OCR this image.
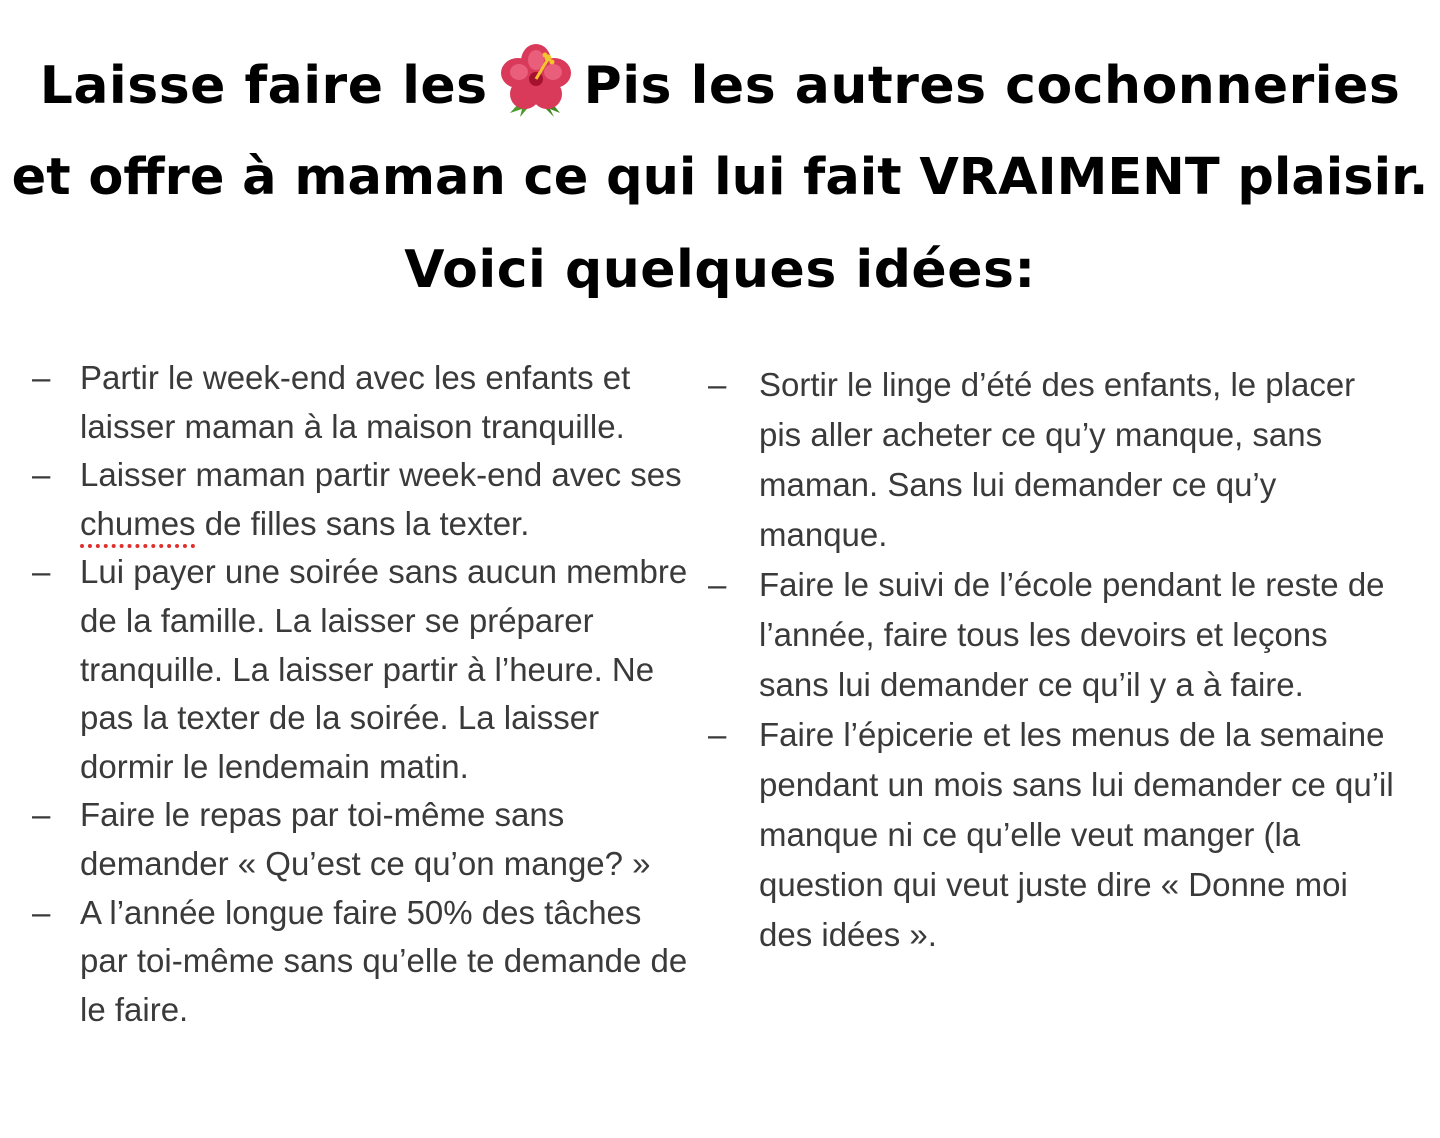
Laisse faire les Pis les autres cochonneries
et offre à maman ce qui lui fait VRAIMENT plaisir.
Voici quelques idées:
– Partir le week-end avec les enfants et laisser maman à la maison tranquille.
– Laisser maman partir week-end avec ses chumes de filles sans la texter.
– Lui payer une soirée sans aucun membre de la famille. La laisser se préparer tranquille. La laisser partir à l’heure. Ne pas la texter de la soirée. La laisser dormir le lendemain matin.
– Faire le repas par toi-même sans demander « Qu’est ce qu’on mange? »
– A l’année longue faire 50% des tâches par toi-même sans qu’elle te demande de le faire.
– Sortir le linge d’été des enfants, le placer pis aller acheter ce qu’y manque, sans maman. Sans lui demander ce qu’y manque.
– Faire le suivi de l’école pendant le reste de l’année, faire tous les devoirs et leçons sans lui demander ce qu’il y a à faire.
– Faire l’épicerie et les menus de la semaine pendant un mois sans lui demander ce qu’il manque ni ce qu’elle veut manger (la question qui veut juste dire « Donne moi des idées ».
